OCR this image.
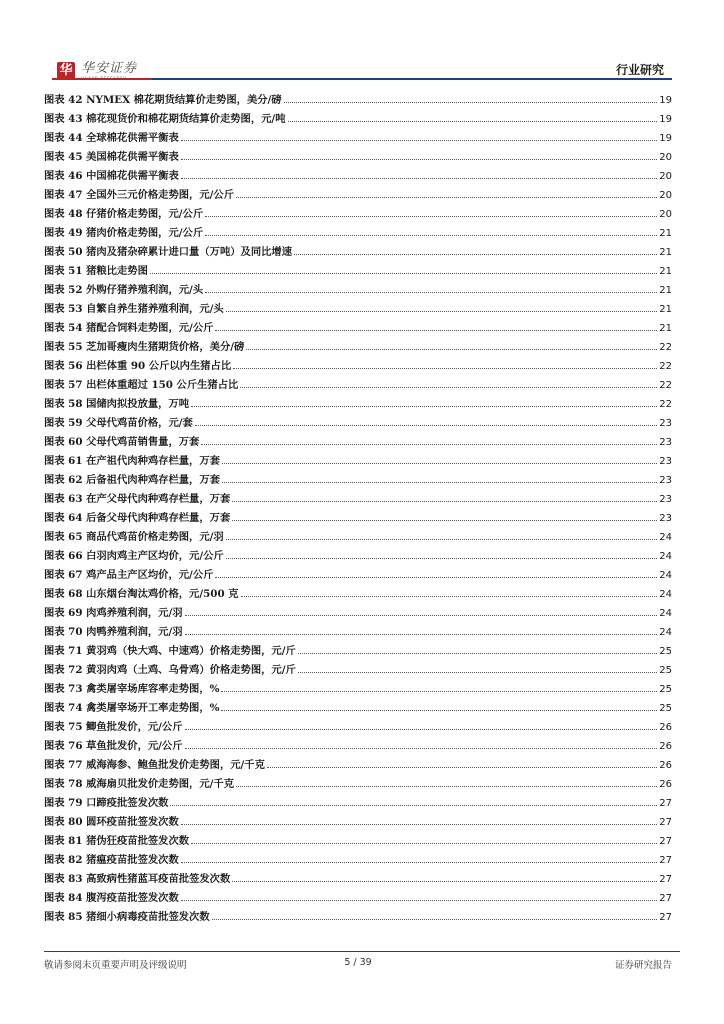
华 华安证券	行业研究
图表 42 NYMEX 棉花期货结算价走势图，美分/磅	19
图表 43 棉花现货价和棉花期货结算价走势图，元/吨	19
图表 44 全球棉花供需平衡表	19
图表 45 美国棉花供需平衡表	20
图表 46 中国棉花供需平衡表	20
图表 47 全国外三元价格走势图，元/公斤	20
图表 48 仔猪价格走势图，元/公斤	20
图表 49 猪肉价格走势图，元/公斤	21
图表 50 猪肉及猪杂碎累计进口量（万吨）及同比增速	21
图表 51 猪粮比走势图	21
图表 52 外购仔猪养殖利润，元/头	21
图表 53 自繁自养生猪养殖利润，元/头	21
图表 54 猪配合饲料走势图，元/公斤	21
图表 55 芝加哥瘦肉生猪期货价格，美分/磅	22
图表 56 出栏体重 90 公斤以内生猪占比	22
图表 57 出栏体重超过 150 公斤生猪占比	22
图表 58 国储肉拟投放量，万吨	22
图表 59 父母代鸡苗价格，元/套	23
图表 60 父母代鸡苗销售量，万套	23
图表 61 在产祖代肉种鸡存栏量，万套	23
图表 62 后备祖代肉种鸡存栏量，万套	23
图表 63 在产父母代肉种鸡存栏量，万套	23
图表 64 后备父母代肉种鸡存栏量，万套	23
图表 65 商品代鸡苗价格走势图，元/羽	24
图表 66 白羽肉鸡主产区均价，元/公斤	24
图表 67 鸡产品主产区均价，元/公斤	24
图表 68 山东烟台淘汰鸡价格，元/500 克	24
图表 69 肉鸡养殖利润，元/羽	24
图表 70 肉鸭养殖利润，元/羽	24
图表 71 黄羽鸡（快大鸡、中速鸡）价格走势图，元/斤	25
图表 72 黄羽肉鸡（土鸡、乌骨鸡）价格走势图，元/斤	25
图表 73 禽类屠宰场库容率走势图，%	25
图表 74 禽类屠宰场开工率走势图，%	25
图表 75 鲫鱼批发价，元/公斤	26
图表 76 草鱼批发价，元/公斤	26
图表 77 威海海参、鲍鱼批发价走势图，元/千克	26
图表 78 威海扇贝批发价走势图，元/千克	26
图表 79 口蹄疫批签发次数	27
图表 80 圆环疫苗批签发次数	27
图表 81 猪伪狂疫苗批签发次数	27
图表 82 猪瘟疫苗批签发次数	27
图表 83 高致病性猪蓝耳疫苗批签发次数	27
图表 84 腹泻疫苗批签发次数	27
图表 85 猪细小病毒疫苗批签发次数	27
敬请参阅末页重要声明及评级说明	5 / 39	证券研究报告
